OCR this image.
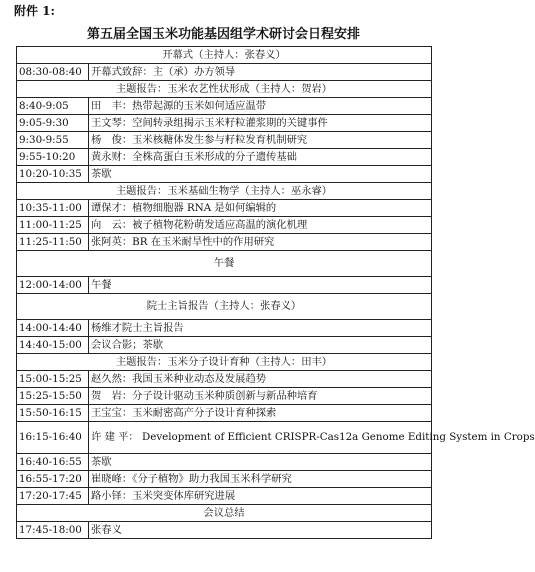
附件 1:
第五届全国玉米功能基因组学术研讨会日程安排
开幕式（主持人：张春义）	
08:30-08:40	开幕式致辞：主（承）办方领导
主题报告：玉米农艺性状形成（主持人：贺岩）	
8:40-9:05	田　丰：热带起源的玉米如何适应温带
9:05-9:30	王文琴：空间转录组揭示玉米籽粒灌浆期的关键事件
9:30-9:55	杨　俊：玉米核糖体发生参与籽粒发育机制研究
9:55-10:20	黄永财：全株高蛋白玉米形成的分子遗传基础
10:20-10:35	茶歇
主题报告：玉米基础生物学（主持人：巫永睿）	
10:35-11:00	谭保才：植物细胞器 RNA 是如何编辑的
11:00-11:25	向　云：被子植物花粉萌发适应高温的演化机理
11:25-11:50	张阿英：BR 在玉米耐旱性中的作用研究
午餐	
12:00-14:00	午餐
院士主旨报告（主持人：张春义）	
14:00-14:40	杨维才院士主旨报告
14:40-15:00	会议合影；茶歇
主题报告：玉米分子设计育种（主持人：田丰）	
15:00-15:25	赵久然：我国玉米种业动态及发展趋势
15:25-15:50	贺　岩：分子设计驱动玉米种质创新与新品种培育
15:50-16:15	王宝宝：玉米耐密高产分子设计育种探索
16:15-16:40	许 建 平： Development of Efficient CRISPR-Cas12a Genome Editing System in Crops
16:40-16:55	茶歇
16:55-17:20	崔晓峰：《分子植物》助力我国玉米科学研究
17:20-17:45	路小铎：玉米突变体库研究进展
会议总结	
17:45-18:00	张春义
